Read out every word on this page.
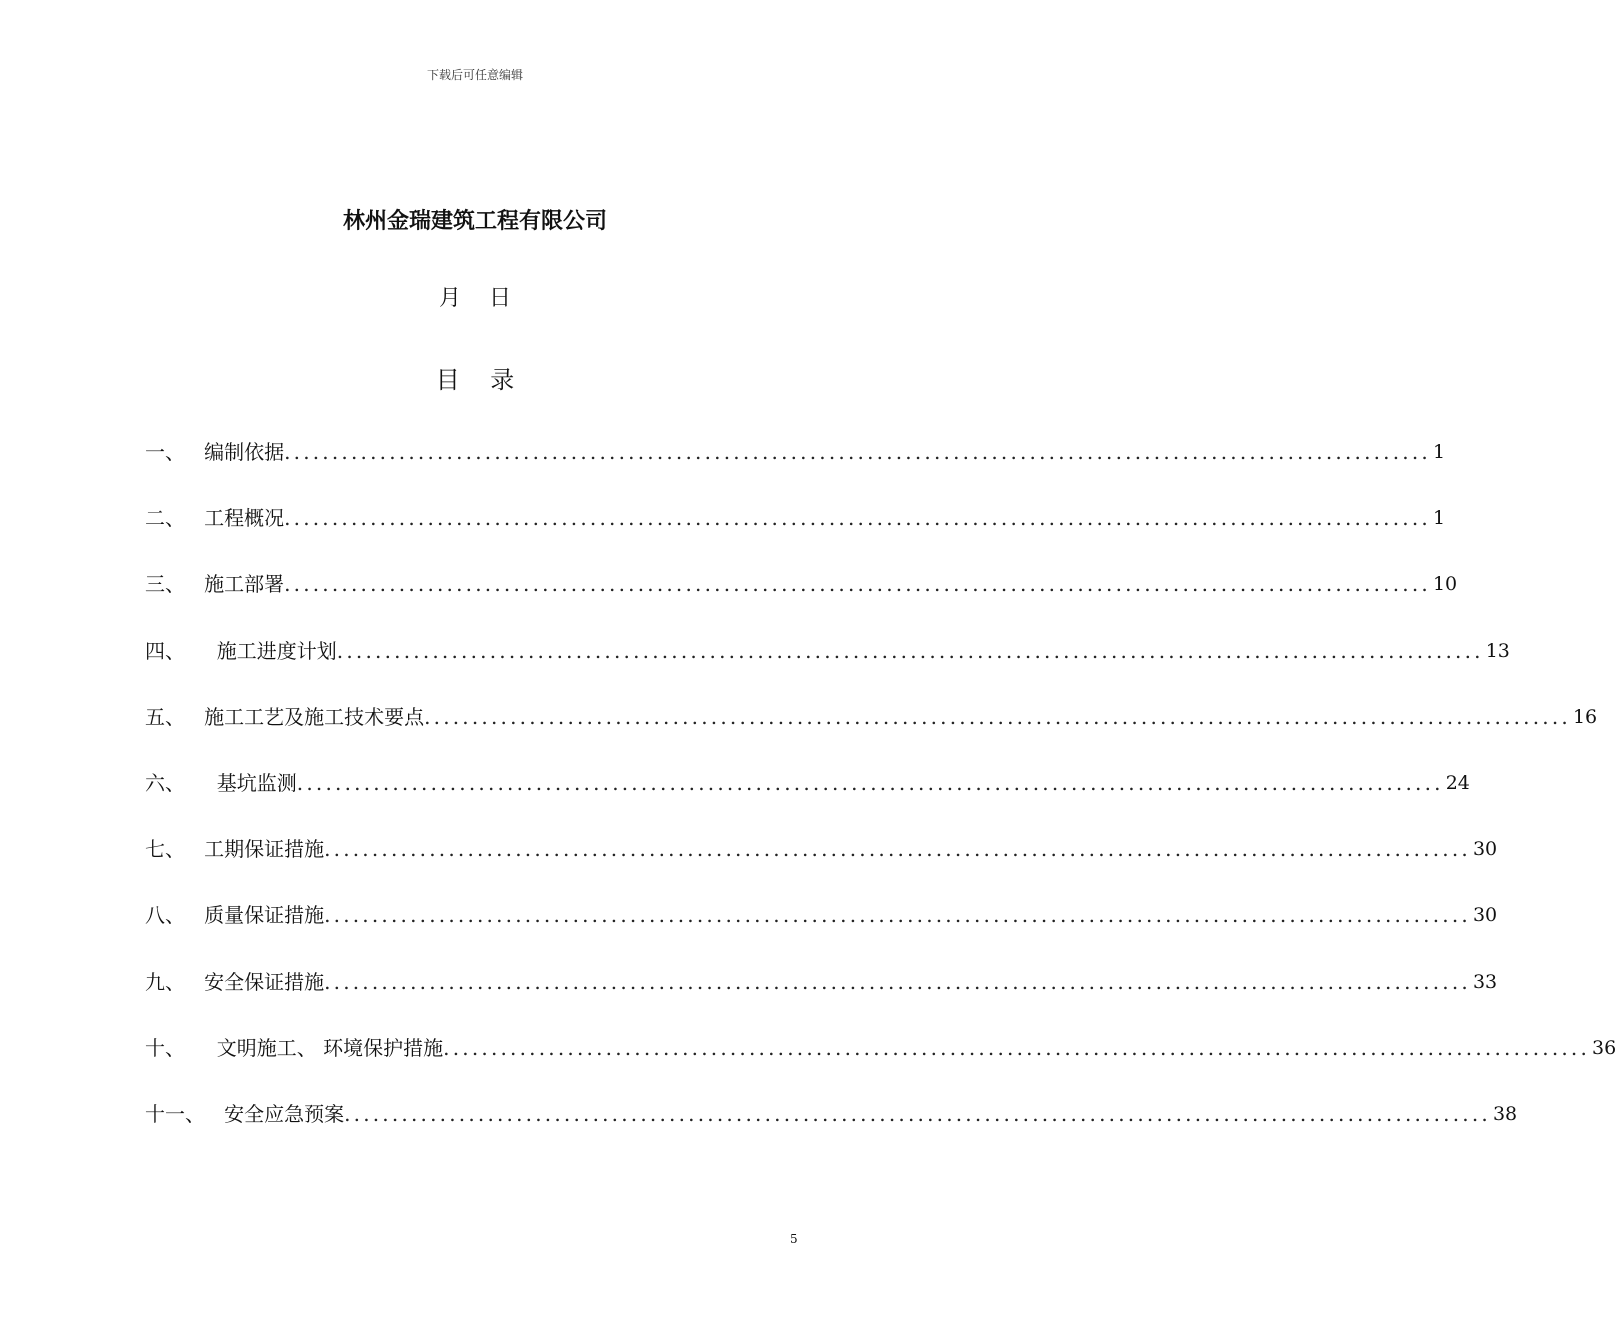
下载后可任意编辑
林州金瑞建筑工程有限公司
月    日
目    录
一、
编制依据 ........................................................................................................................ 1
二、
工程概况 ........................................................................................................................ 1
三、
施工部署 ........................................................................................................................ 10
四、
施工进度计划 ........................................................................................................................ 13
五、
施工工艺及施工技术要点 ........................................................................................................................ 16
六、
基坑监测 ........................................................................................................................ 24
七、
工期保证措施 ........................................................................................................................ 30
八、
质量保证措施 ........................................................................................................................ 30
九、
安全保证措施 ........................................................................................................................ 33
十、
文明施工、 环境保护措施 ........................................................................................................................ 36
十一、
安全应急预案 ........................................................................................................................ 38
5
